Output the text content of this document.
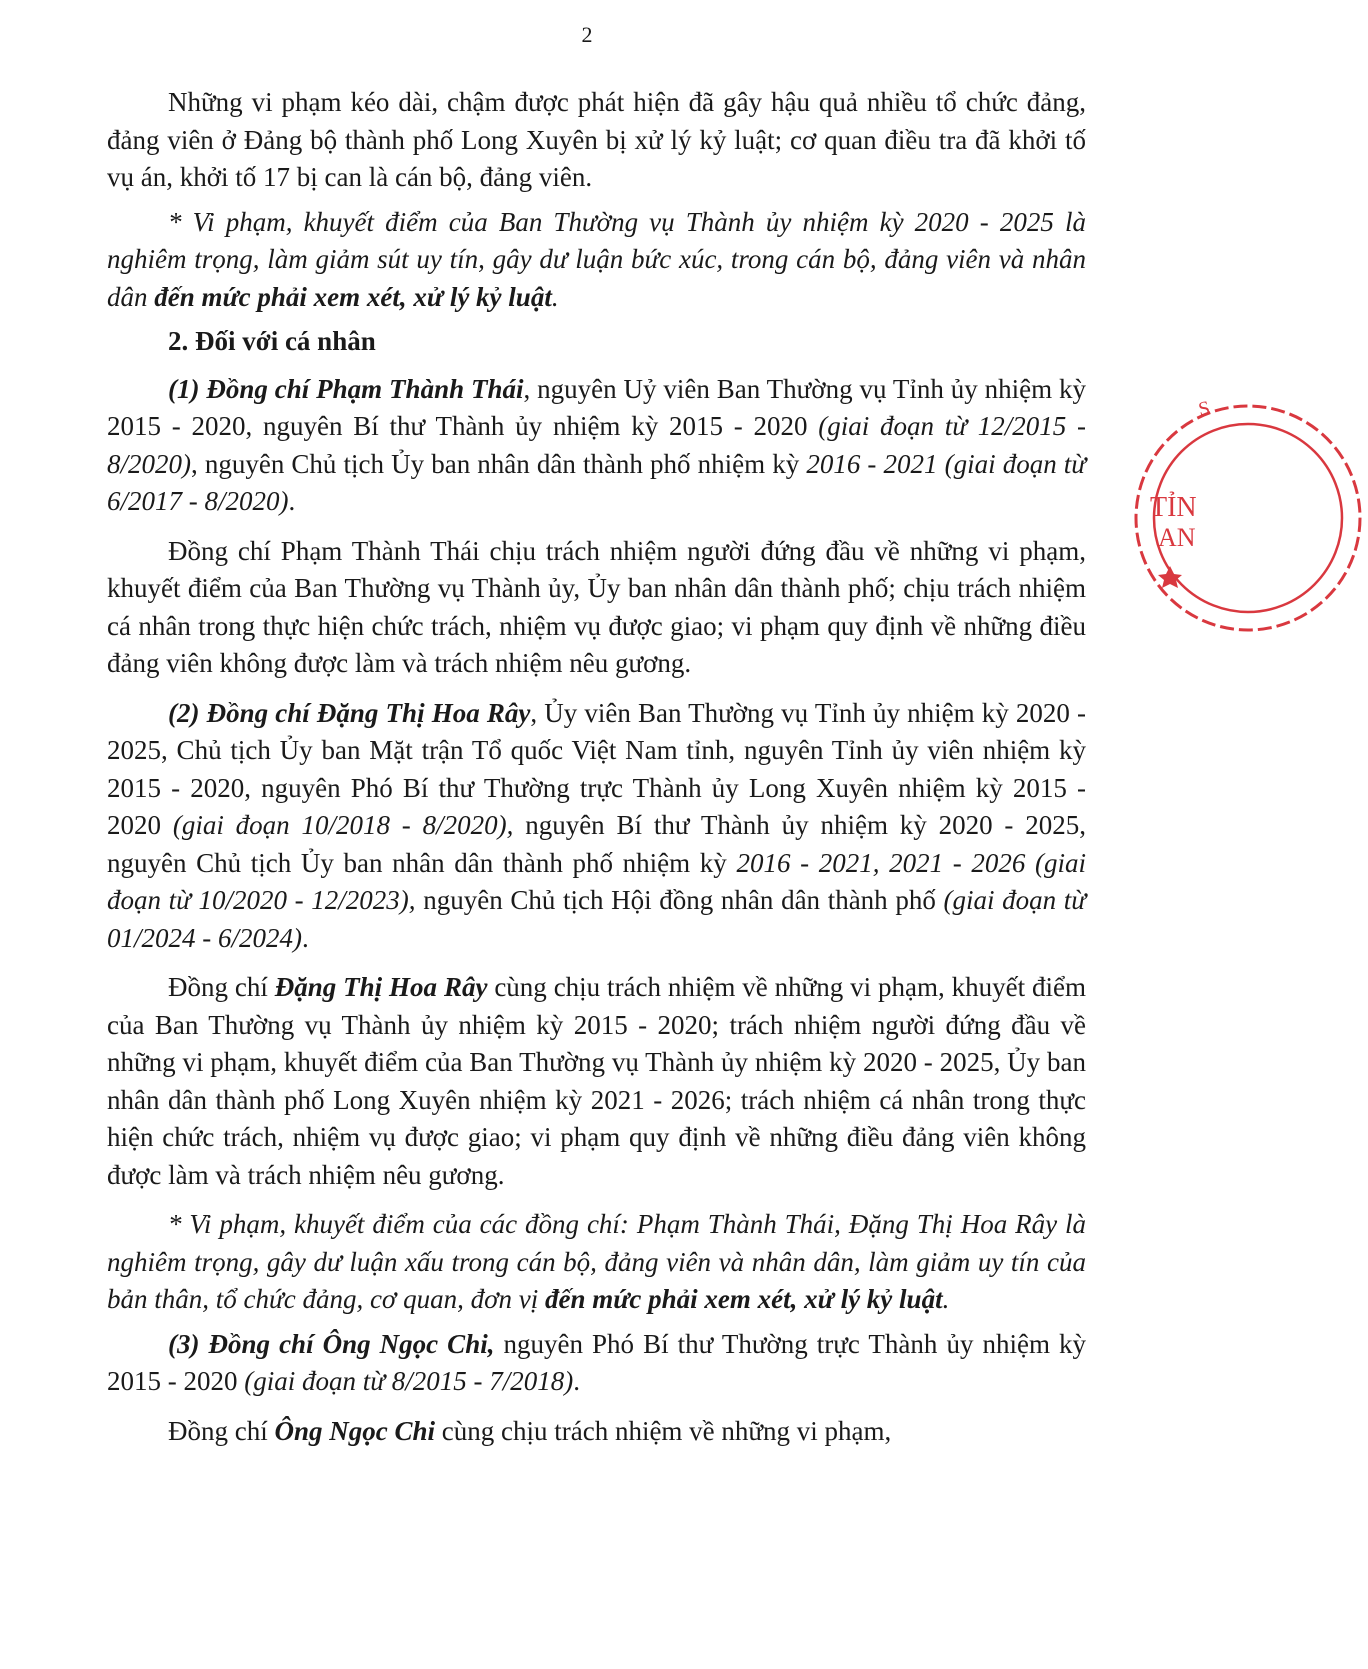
2

Những vi phạm kéo dài, chậm được phát hiện đã gây hậu quả nhiều tổ chức đảng, đảng viên ở Đảng bộ thành phố Long Xuyên bị xử lý kỷ luật; cơ quan điều tra đã khởi tố vụ án, khởi tố 17 bị can là cán bộ, đảng viên.

* Vi phạm, khuyết điểm của Ban Thường vụ Thành ủy nhiệm kỳ 2020 - 2025 là nghiêm trọng, làm giảm sút uy tín, gây dư luận bức xúc, trong cán bộ, đảng viên và nhân dân đến mức phải xem xét, xử lý kỷ luật.

2. Đối với cá nhân

(1) Đồng chí Phạm Thành Thái, nguyên Uỷ viên Ban Thường vụ Tỉnh ủy nhiệm kỳ 2015 - 2020, nguyên Bí thư Thành ủy nhiệm kỳ 2015 - 2020 (giai đoạn từ 12/2015 - 8/2020), nguyên Chủ tịch Ủy ban nhân dân thành phố nhiệm kỳ 2016 - 2021 (giai đoạn từ 6/2017 - 8/2020).

Đồng chí Phạm Thành Thái chịu trách nhiệm người đứng đầu về những vi phạm, khuyết điểm của Ban Thường vụ Thành ủy, Ủy ban nhân dân thành phố; chịu trách nhiệm cá nhân trong thực hiện chức trách, nhiệm vụ được giao; vi phạm quy định về những điều đảng viên không được làm và trách nhiệm nêu gương.

(2) Đồng chí Đặng Thị Hoa Rây, Ủy viên Ban Thường vụ Tỉnh ủy nhiệm kỳ 2020 - 2025, Chủ tịch Ủy ban Mặt trận Tổ quốc Việt Nam tỉnh, nguyên Tỉnh ủy viên nhiệm kỳ 2015 - 2020, nguyên Phó Bí thư Thường trực Thành ủy Long Xuyên nhiệm kỳ 2015 - 2020 (giai đoạn 10/2018 - 8/2020), nguyên Bí thư Thành ủy nhiệm kỳ 2020 - 2025, nguyên Chủ tịch Ủy ban nhân dân thành phố nhiệm kỳ 2016 - 2021, 2021 - 2026 (giai đoạn từ 10/2020 - 12/2023), nguyên Chủ tịch Hội đồng nhân dân thành phố (giai đoạn từ 01/2024 - 6/2024).

Đồng chí Đặng Thị Hoa Rây cùng chịu trách nhiệm về những vi phạm, khuyết điểm của Ban Thường vụ Thành ủy nhiệm kỳ 2015 - 2020; trách nhiệm người đứng đầu về những vi phạm, khuyết điểm của Ban Thường vụ Thành ủy nhiệm kỳ 2020 - 2025, Ủy ban nhân dân thành phố Long Xuyên nhiệm kỳ 2021 - 2026; trách nhiệm cá nhân trong thực hiện chức trách, nhiệm vụ được giao; vi phạm quy định về những điều đảng viên không được làm và trách nhiệm nêu gương.

* Vi phạm, khuyết điểm của các đồng chí: Phạm Thành Thái, Đặng Thị Hoa Rây là nghiêm trọng, gây dư luận xấu trong cán bộ, đảng viên và nhân dân, làm giảm uy tín của bản thân, tổ chức đảng, cơ quan, đơn vị đến mức phải xem xét, xử lý kỷ luật.

(3) Đồng chí Ông Ngọc Chi, nguyên Phó Bí thư Thường trực Thành ủy nhiệm kỳ 2015 - 2020 (giai đoạn từ 8/2015 - 7/2018).

Đồng chí Ông Ngọc Chi cùng chịu trách nhiệm về những vi phạm,

S
TỈN
AN
